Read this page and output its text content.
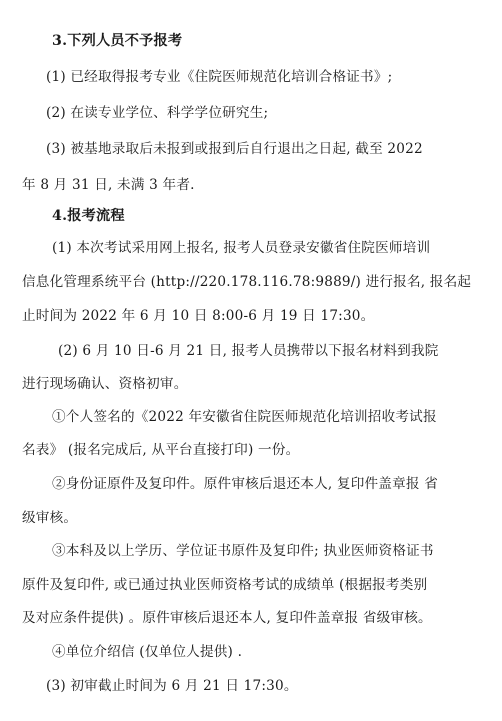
3.下列人员不予报考
(1) 已经取得报考专业《住院医师规范化培训合格证书》;
(2) 在读专业学位、科学学位研究生;
(3) 被基地录取后未报到或报到后自行退出之日起, 截至 2022
年 8 月 31 日, 未满 3 年者.
4.报考流程
(1) 本次考试采用网上报名, 报考人员登录安徽省住院医师培训
信息化管理系统平台 (http://220.178.116.78:9889/) 进行报名, 报名起
止时间为 2022 年 6 月 10 日 8:00-6 月 19 日 17:30。
(2) 6 月 10 日-6 月 21 日, 报考人员携带以下报名材料到我院
进行现场确认、资格初审。
①个人签名的《2022 年安徽省住院医师规范化培训招收考试报
名表》 (报名完成后, 从平台直接打印) 一份。
②身份证原件及复印件。原件审核后退还本人, 复印件盖章报 省
级审核。
③本科及以上学历、学位证书原件及复印件; 执业医师资格证书
原件及复印件, 或已通过执业医师资格考试的成绩单 (根据报考类别
及对应条件提供) 。原件审核后退还本人, 复印件盖章报 省级审核。
④单位介绍信 (仅单位人提供) .
(3) 初审截止时间为 6 月 21 日 17:30。
